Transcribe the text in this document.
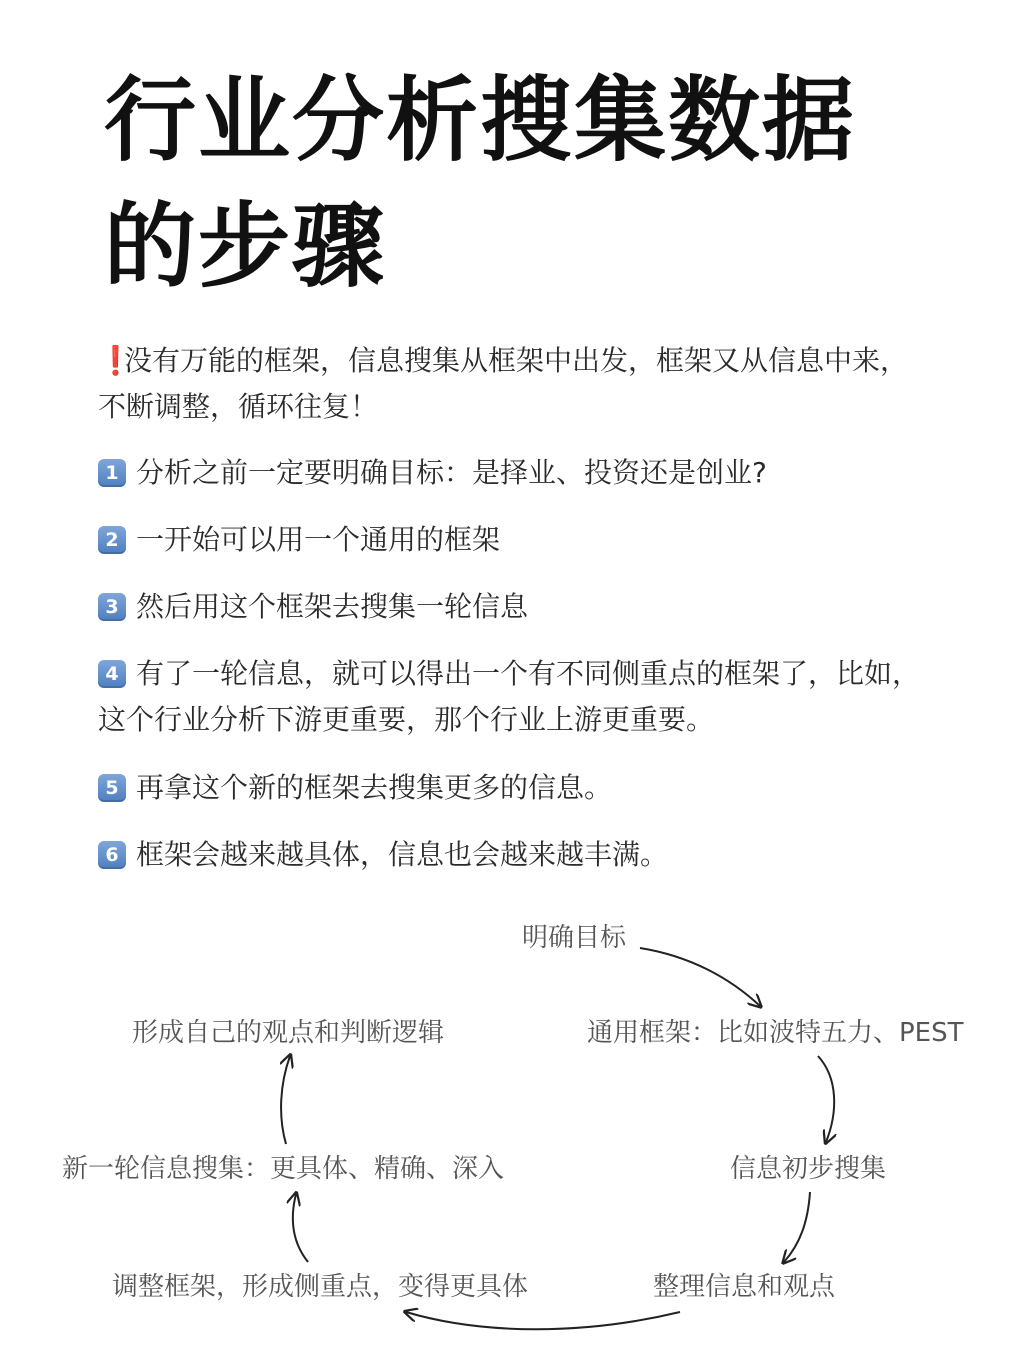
行业分析搜集数据的步骤
❗没有万能的框架，信息搜集从框架中出发，框架又从信息中来，不断调整，循环往复！
1 分析之前一定要明确目标：是择业、投资还是创业?
2 一开始可以用一个通用的框架
3 然后用这个框架去搜集一轮信息
4 有了一轮信息，就可以得出一个有不同侧重点的框架了，比如，这个行业分析下游更重要，那个行业上游更重要。
5 再拿这个新的框架去搜集更多的信息。
6 框架会越来越具体，信息也会越来越丰满。
明确目标
通用框架：比如波特五力、PEST
信息初步搜集
整理信息和观点
调整框架，形成侧重点，变得更具体
新一轮信息搜集：更具体、精确、深入
形成自己的观点和判断逻辑
